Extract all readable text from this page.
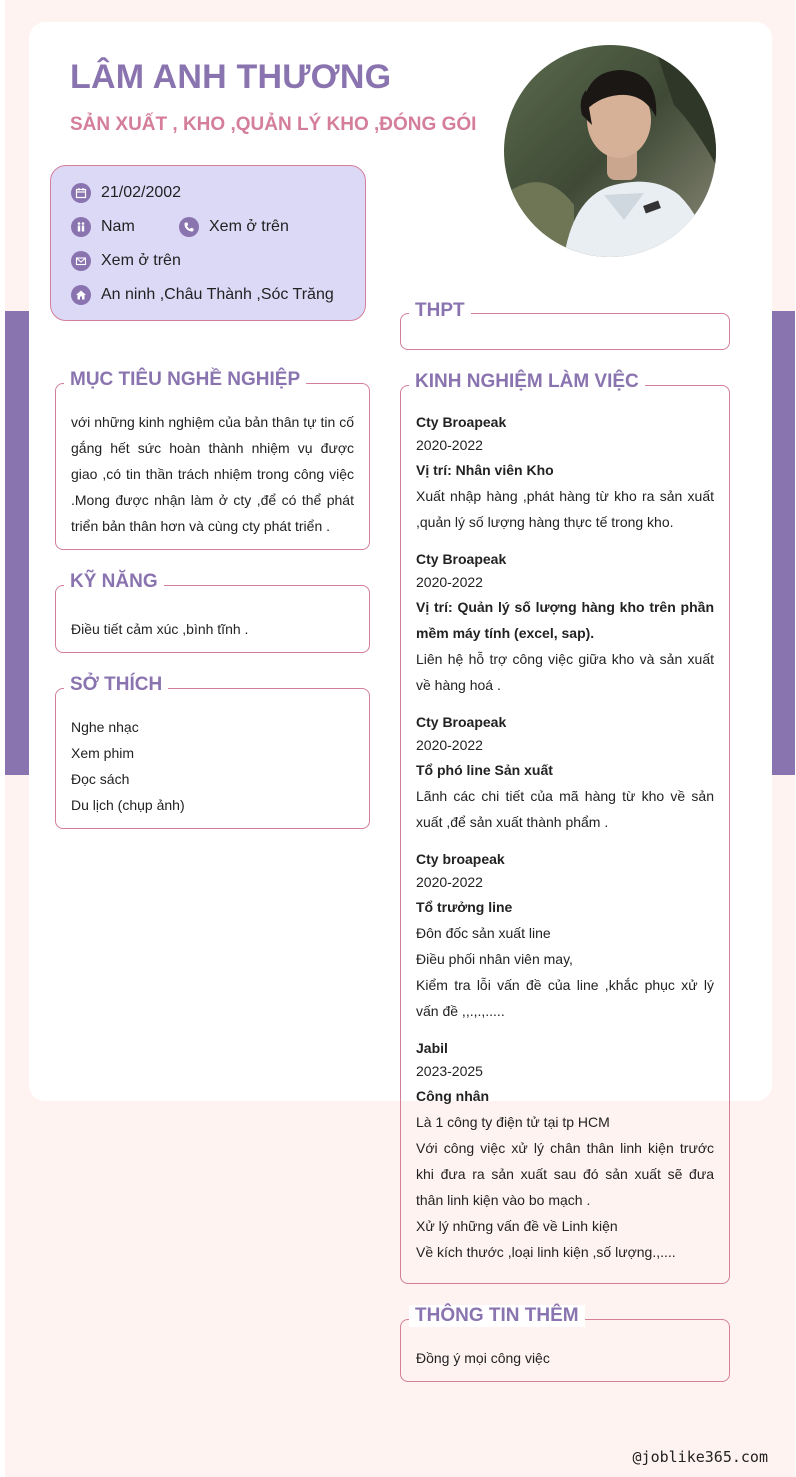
LÂM ANH THƯƠNG
SẢN XUẤT , KHO ,QUẢN LÝ KHO ,ĐÓNG GÓI
21/02/2002
Nam	Xem ở trên
Xem ở trên
An ninh ,Châu Thành ,Sóc Trăng
THPT
MỤC TIÊU NGHỀ NGHIỆP
với những kinh nghiệm của bản thân tự tin cố gắng hết sức hoàn thành nhiệm vụ được giao ,có tin thần trách nhiệm trong công việc .Mong được nhận làm ở cty ,để có thể phát triển bản thân hơn và cùng cty phát triển .
KỸ NĂNG
Điều tiết cảm xúc ,bình tĩnh .
SỞ THÍCH
Nghe nhạc
Xem phim
Đọc sách
Du lịch (chụp ảnh)
KINH NGHIỆM LÀM VIỆC
Cty Broapeak
2020-2022
Vị trí: Nhân viên Kho
Xuất nhập hàng ,phát hàng từ kho ra sản xuất ,quản lý số lượng hàng thực tế trong kho.
Cty Broapeak
2020-2022
Vị trí: Quản lý số lượng hàng kho trên phần mềm máy tính (excel, sap).
Liên hệ hỗ trợ công việc giữa kho và sản xuất về hàng hoá .
Cty Broapeak
2020-2022
Tổ phó line Sản xuất
Lãnh các chi tiết của mã hàng từ kho về sản xuất ,để sản xuất thành phẩm .
Cty broapeak
2020-2022
Tổ trưởng line
Đôn đốc sản xuất line
Điều phối nhân viên may,
Kiểm tra lỗi vấn đề của line ,khắc phục xử lý vấn đề ,,.,.,.....
Jabil
2023-2025
Công nhân
Là 1 công ty điện tử tại tp HCM
Với công việc xử lý chân thân linh kiện trước khi đưa ra sản xuất sau đó sản xuất sẽ đưa thân linh kiện vào bo mạch .
Xử lý những vấn đề về Linh kiện
Về kích thước ,loại linh kiện ,số lượng.,....
THÔNG TIN THÊM
Đồng ý mọi công việc
@joblike365.com
